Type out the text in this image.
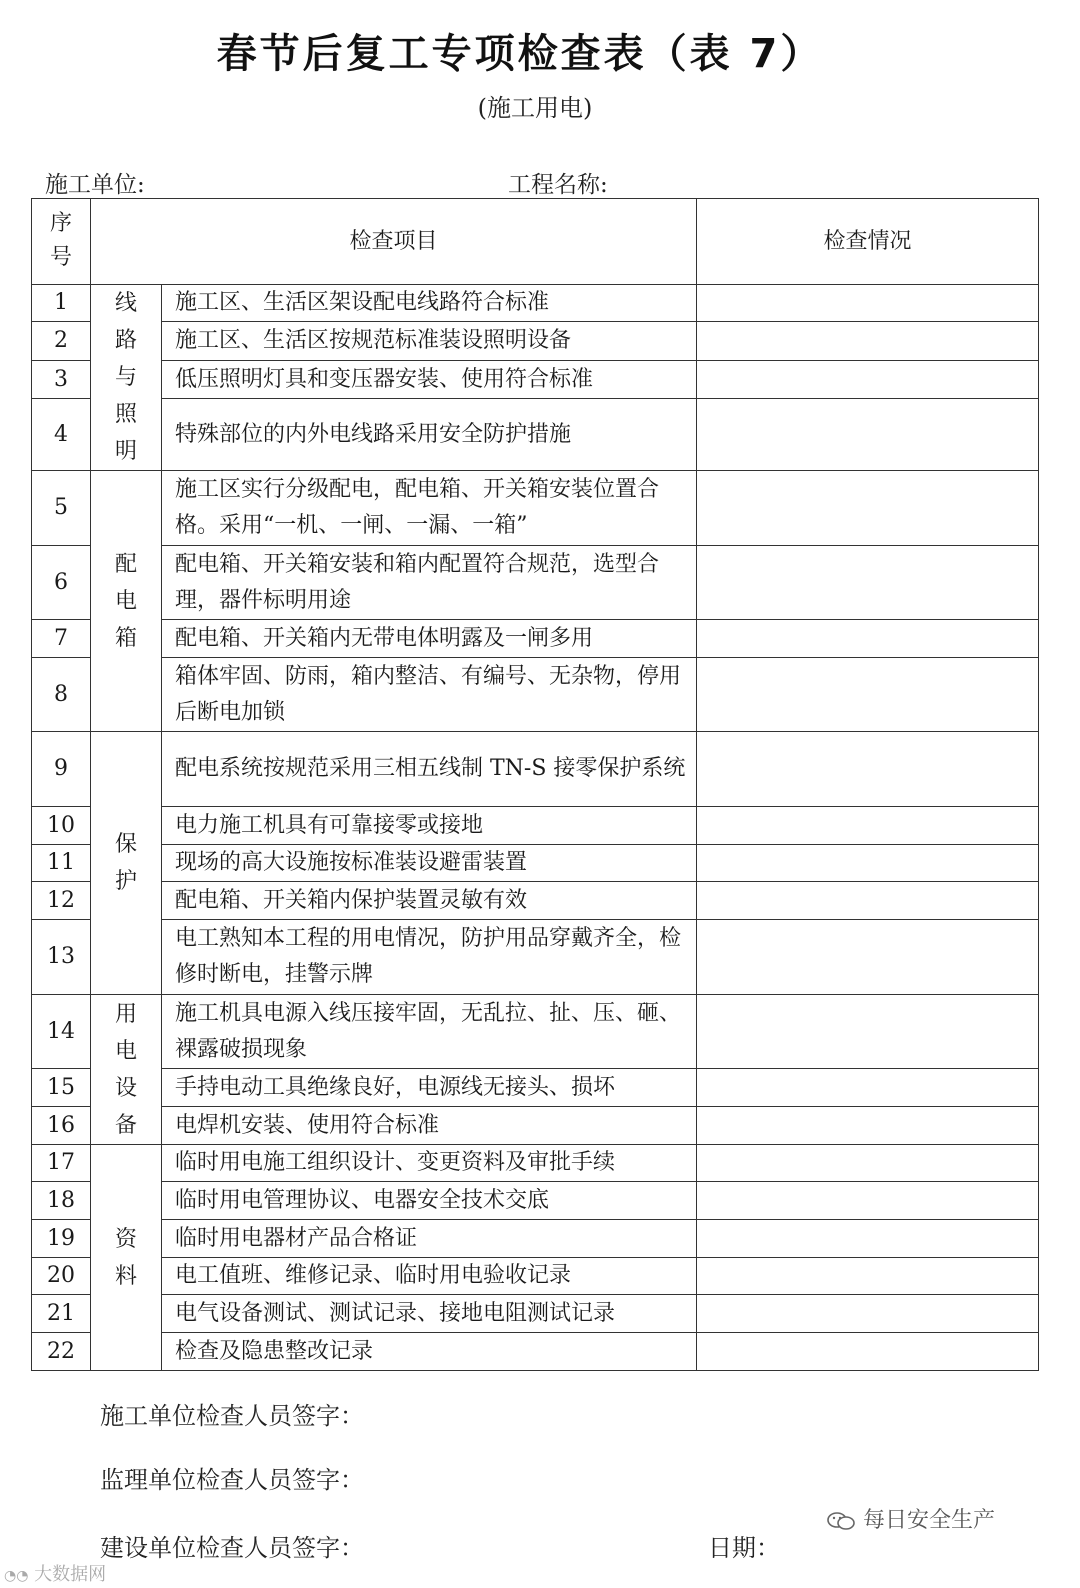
春节后复工专项检查表（表 7）
(施工用电)
施工单位:	工程名称:
序号	检查项目		检查情况
1	线路与照明	施工区、生活区架设配电线路符合标准	
2		施工区、生活区按规范标准装设照明设备	
3		低压照明灯具和变压器安装、使用符合标准	
4		特殊部位的内外电线路采用安全防护措施	
5	配电箱	施工区实行分级配电，配电箱、开关箱安装位置合格。采用“一机、一闸、一漏、一箱”	
6		配电箱、开关箱安装和箱内配置符合规范，选型合理，器件标明用途	
7		配电箱、开关箱内无带电体明露及一闸多用	
8		箱体牢固、防雨，箱内整洁、有编号、无杂物，停用后断电加锁	
9	保护	配电系统按规范采用三相五线制 TN-S 接零保护系统	
10		电力施工机具有可靠接零或接地	
11		现场的高大设施按标准装设避雷装置	
12		配电箱、开关箱内保护装置灵敏有效	
13		电工熟知本工程的用电情况，防护用品穿戴齐全，检修时断电，挂警示牌	
14	用电设备	施工机具电源入线压接牢固，无乱拉、扯、压、砸、裸露破损现象	
15		手持电动工具绝缘良好，电源线无接头、损坏	
16		电焊机安装、使用符合标准	
17	资料	临时用电施工组织设计、变更资料及审批手续	
18		临时用电管理协议、电器安全技术交底	
19		临时用电器材产品合格证	
20		电工值班、维修记录、临时用电验收记录	
21		电气设备测试、测试记录、接地电阻测试记录	
22		检查及隐患整改记录	
施工单位检查人员签字：
监理单位检查人员签字：
建设单位检查人员签字：	日期：
每日安全生产
◔◔ 大数据网
